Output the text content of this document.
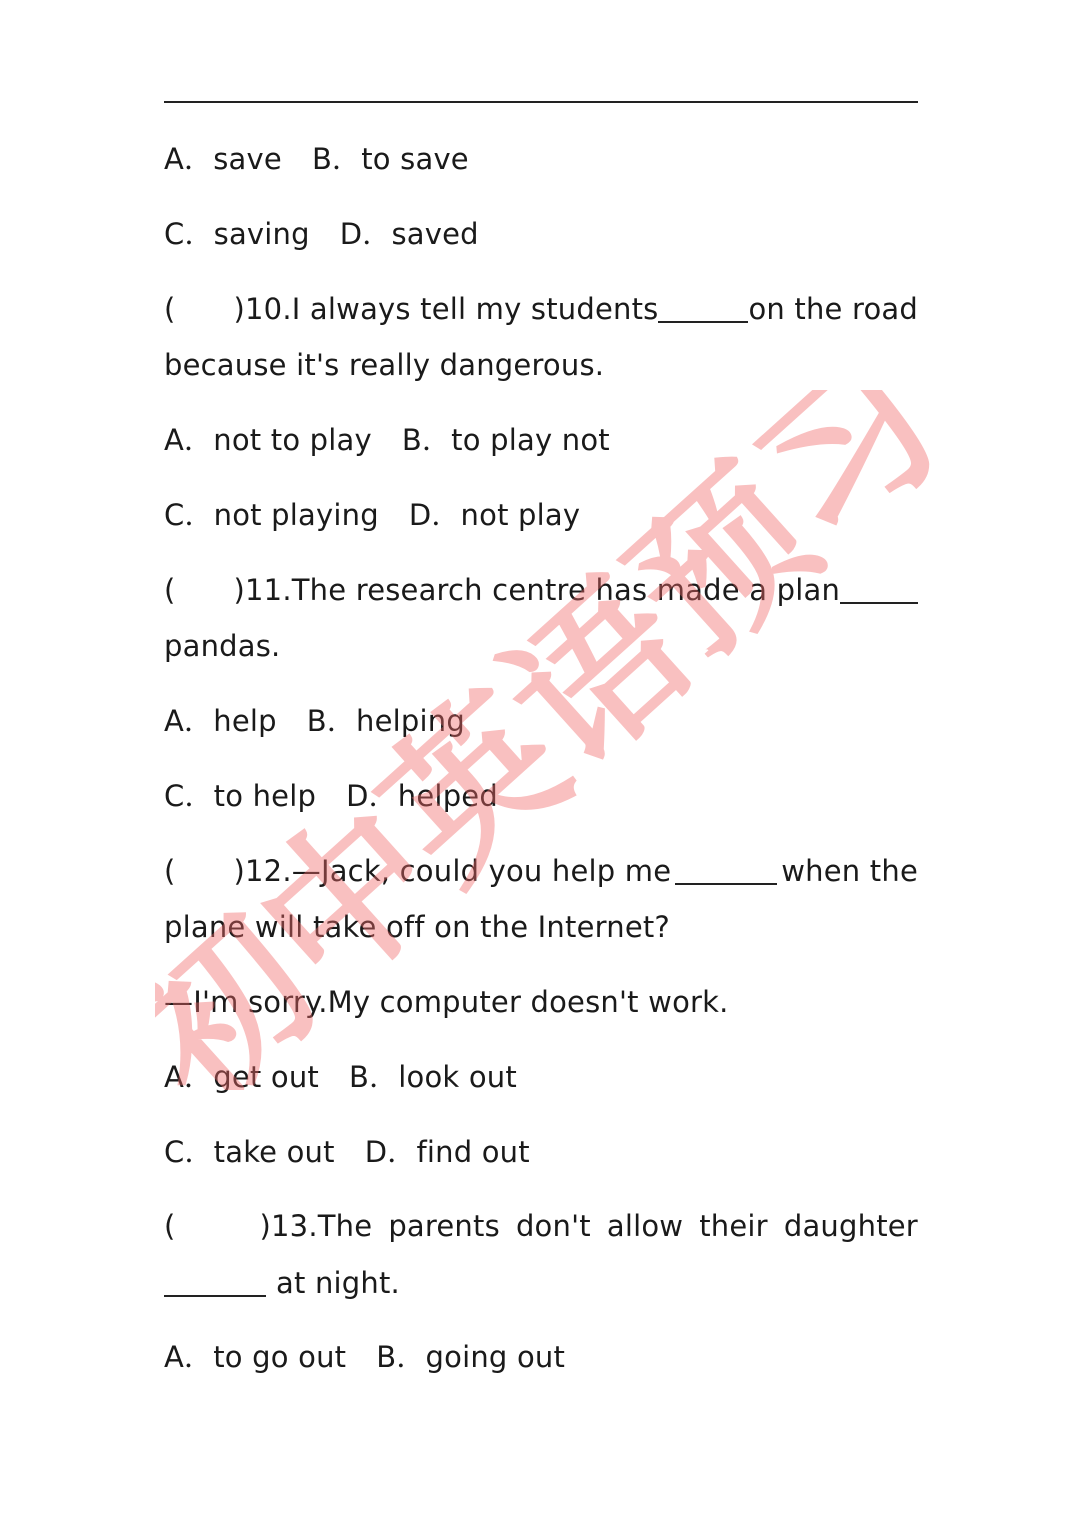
A．save B．to save
C．saving D．saved
( )10.I always tell my students	on the road
because it's really dangerous.
A．not to play B．to play not
C．not playing D．not play
( )11.The research centre has made a plan
pandas.
A．help B．helping
C．to help D．helped
( )12.—Jack, could you help me	when the
plane will take off on the Internet?
—I'm sorry.My computer doesn't work.
A．get out B．look out
C．take out D．find out
(	)13.The parents don't allow their daughter
at night.
A．to go out B．going out
初中英语预习
